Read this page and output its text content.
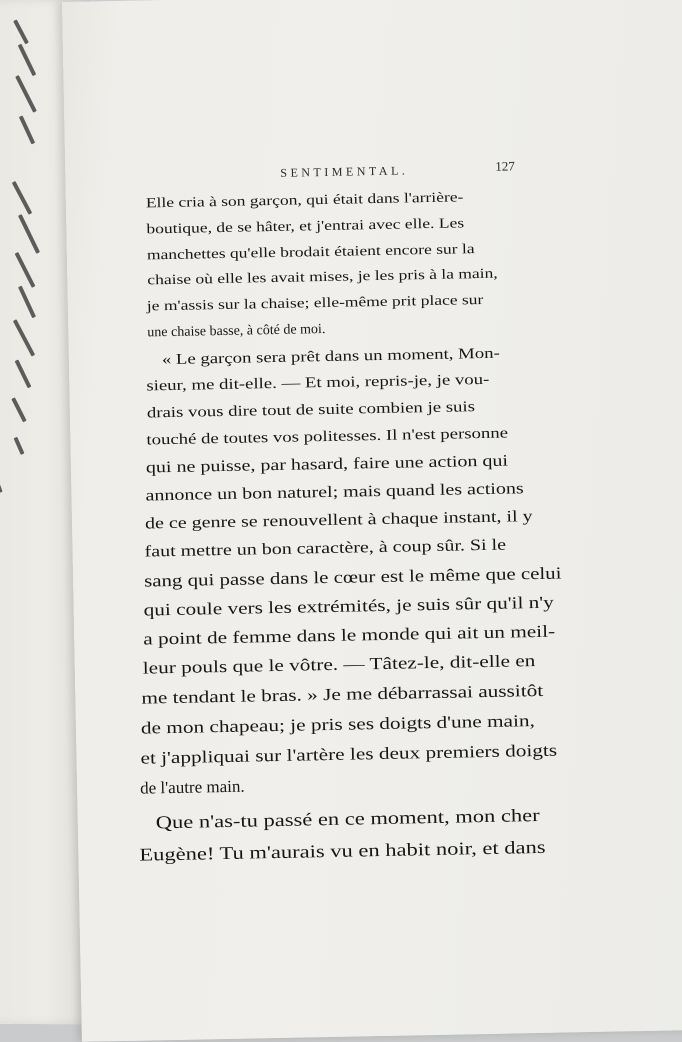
SENTIMENTAL.	127
Elle cria à son garçon, qui était dans l'arrière-
boutique, de se hâter, et j'entrai avec elle. Les
manchettes qu'elle brodait étaient encore sur la
chaise où elle les avait mises, je les pris à la main,
je m'assis sur la chaise; elle-même prit place sur
une chaise basse, à côté de moi.
« Le garçon sera prêt dans un moment, Mon-
sieur, me dit-elle. — Et moi, repris-je, je vou-
drais vous dire tout de suite combien je suis
touché de toutes vos politesses. Il n'est personne
qui ne puisse, par hasard, faire une action qui
annonce un bon naturel; mais quand les actions
de ce genre se renouvellent à chaque instant, il y
faut mettre un bon caractère, à coup sûr. Si le
sang qui passe dans le cœur est le même que celui
qui coule vers les extrémités, je suis sûr qu'il n'y
a point de femme dans le monde qui ait un meil-
leur pouls que le vôtre. — Tâtez-le, dit-elle en
me tendant le bras. » Je me débarrassai aussitôt
de mon chapeau; je pris ses doigts d'une main,
et j'appliquai sur l'artère les deux premiers doigts
de l'autre main.
Que n'as-tu passé en ce moment, mon cher
Eugène! Tu m'aurais vu en habit noir, et dans
